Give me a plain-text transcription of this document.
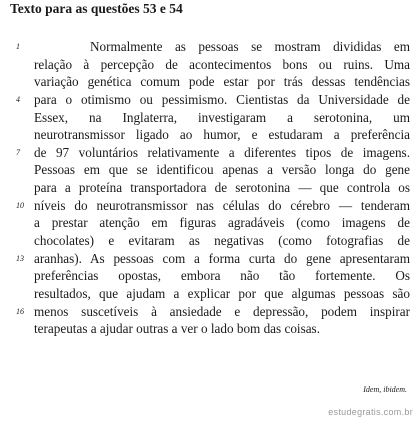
Texto para as questões 53 e 54
1	Normalmente as pessoas se mostram divididas em
relação à percepção de acontecimentos bons ou ruins. Uma
variação genética comum pode estar por trás dessas tendências
4 para o otimismo ou pessimismo. Cientistas da Universidade de
Essex, na Inglaterra, investigaram a serotonina, um
neurotransmissor ligado ao humor, e estudaram a preferência
7 de 97 voluntários relativamente a diferentes tipos de imagens.
Pessoas em que se identificou apenas a versão longa do gene
para a proteína transportadora de serotonina — que controla os
10 níveis do neurotransmissor nas células do cérebro — tenderam
a prestar atenção em figuras agradáveis (como imagens de
chocolates) e evitaram as negativas (como fotografias de
13 aranhas). As pessoas com a forma curta do gene apresentaram
preferências opostas, embora não tão fortemente. Os
resultados, que ajudam a explicar por que algumas pessoas são
16 menos suscetíveis à ansiedade e depressão, podem inspirar
terapeutas a ajudar outras a ver o lado bom das coisas.
Idem, ibidem.
estudegratis.com.br
